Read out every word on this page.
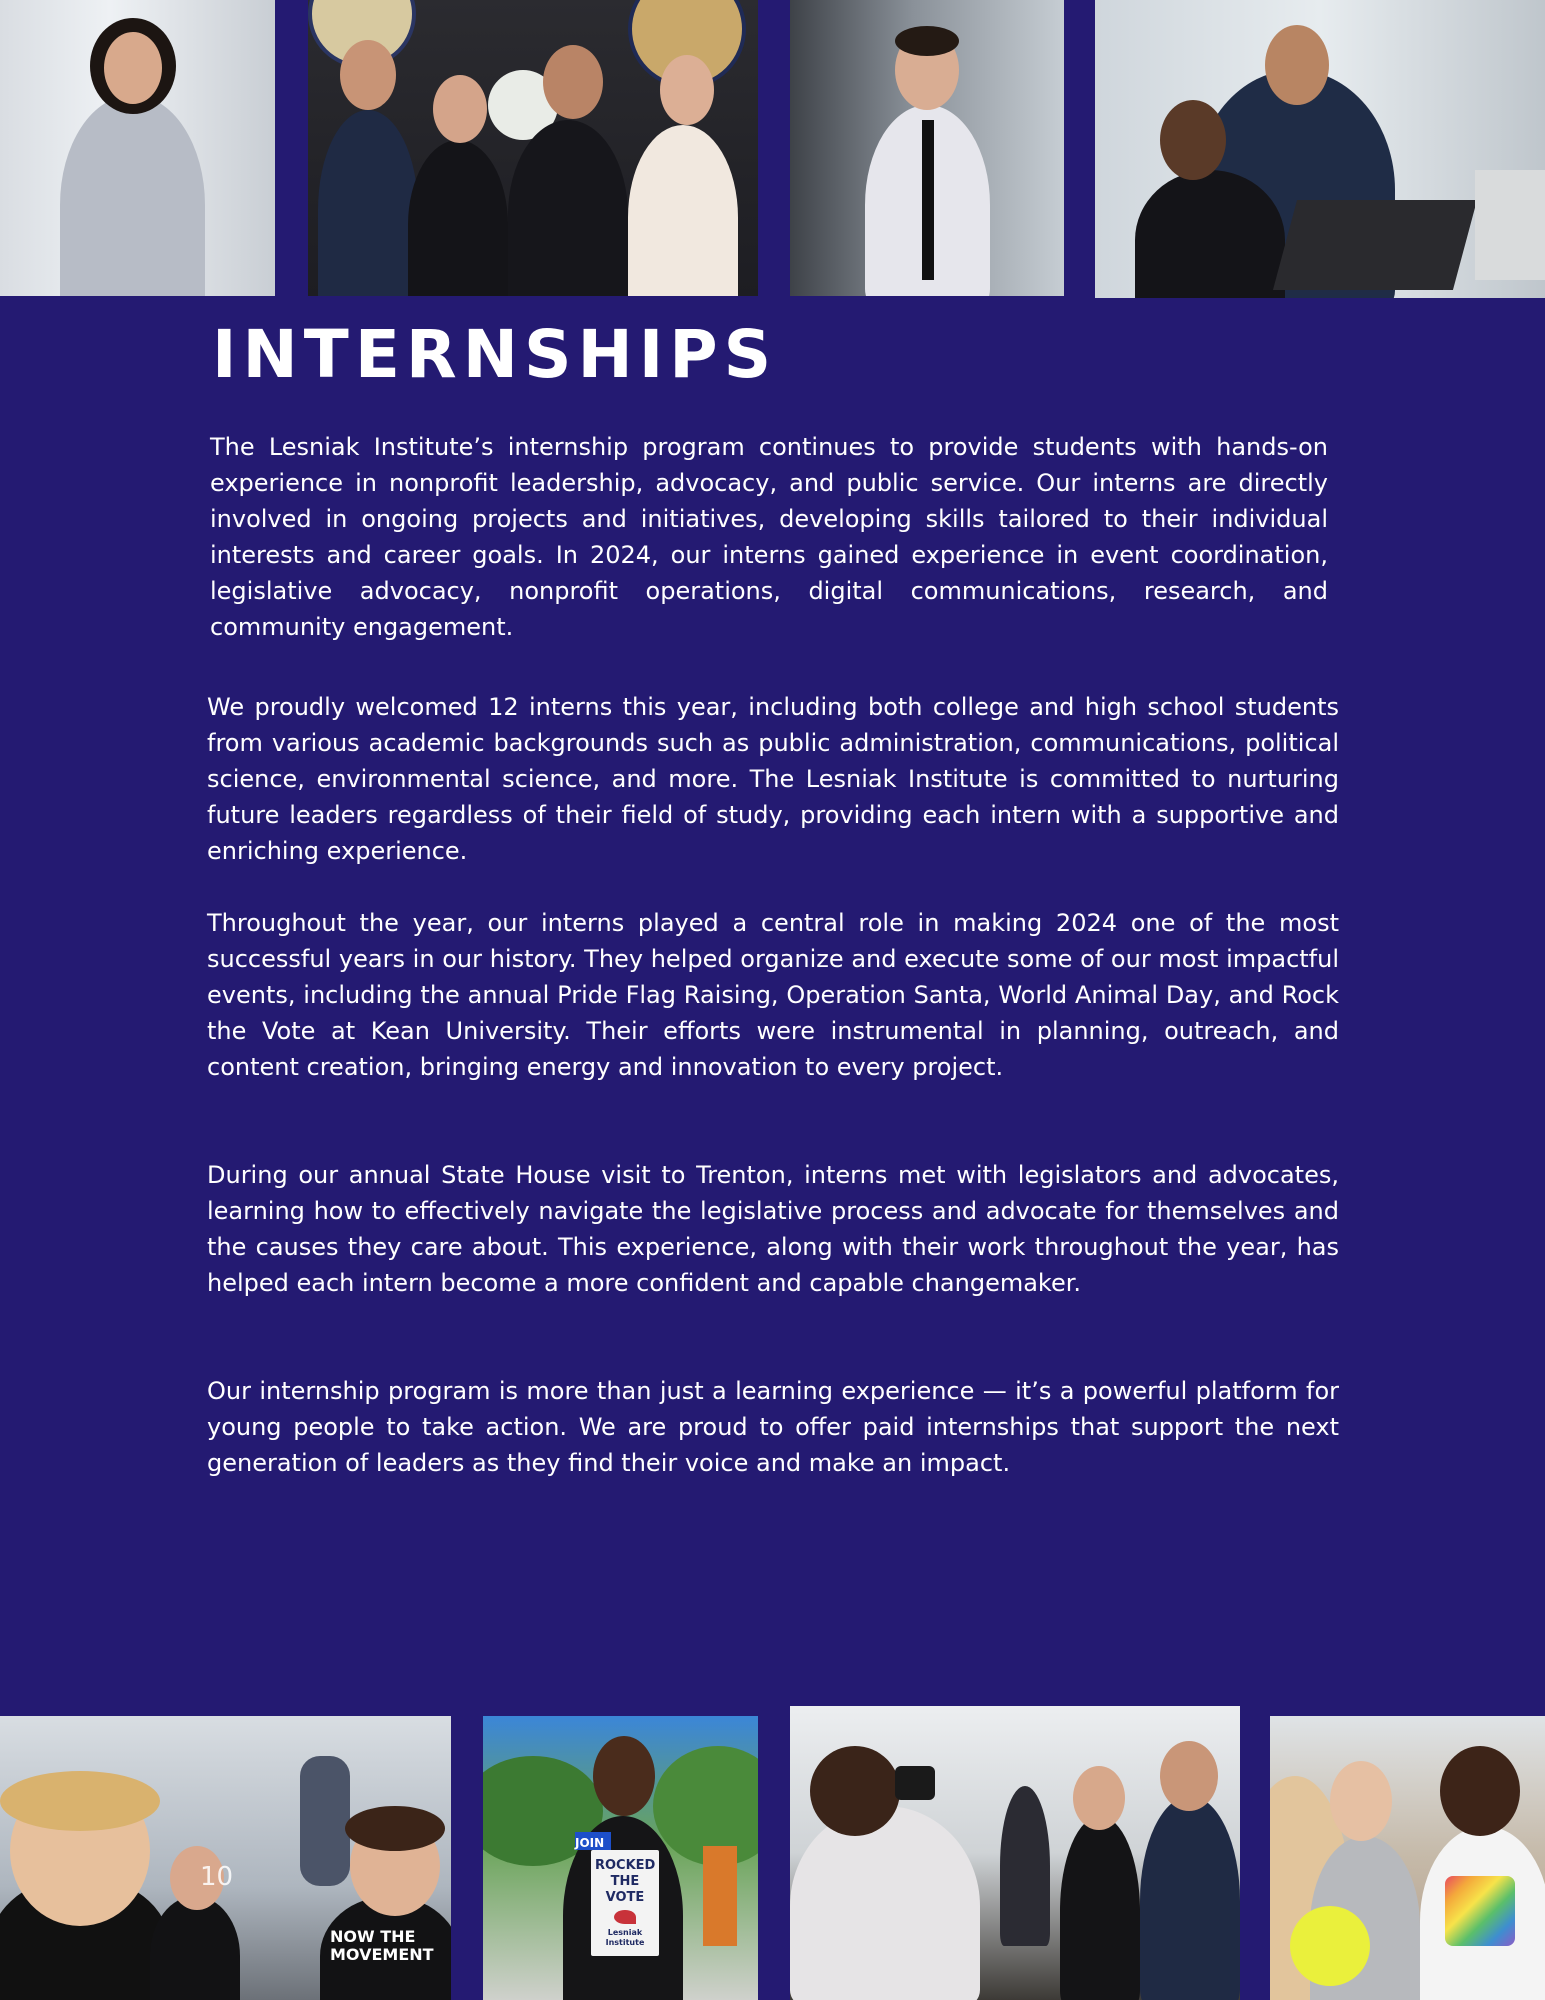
INTERNSHIPS

The Lesniak Institute’s internship program continues to provide students with hands-on experience in nonprofit leadership, advocacy, and public service. Our interns are directly involved in ongoing projects and initiatives, developing skills tailored to their individual interests and career goals. In 2024, our interns gained experience in event coordination, legislative advocacy, nonprofit operations, digital communications, research, and community engagement.

We proudly welcomed 12 interns this year, including both college and high school students from various academic backgrounds such as public administration, communications, political science, environmental science, and more. The Lesniak Institute is committed to nurturing future leaders regardless of their field of study, providing each intern with a supportive and enriching experience.

Throughout the year, our interns played a central role in making 2024 one of the most successful years in our history. They helped organize and execute some of our most impactful events, including the annual Pride Flag Raising, Operation Santa, World Animal Day, and Rock the Vote at Kean University. Their efforts were instrumental in planning, outreach, and content creation, bringing energy and innovation to every project.

During our annual State House visit to Trenton, interns met with legislators and advocates, learning how to effectively navigate the legislative process and advocate for themselves and the causes they care about. This experience, along with their work throughout the year, has helped each intern become a more confident and capable changemaker.

Our internship program is more than just a learning experience — it’s a powerful platform for young people to take action. We are proud to offer paid internships that support the next generation of leaders as they find their voice and make an impact.

NOW THE MOVEMENT
JOIN
ROCKED THE VOTE
Lesniak Institute
10
